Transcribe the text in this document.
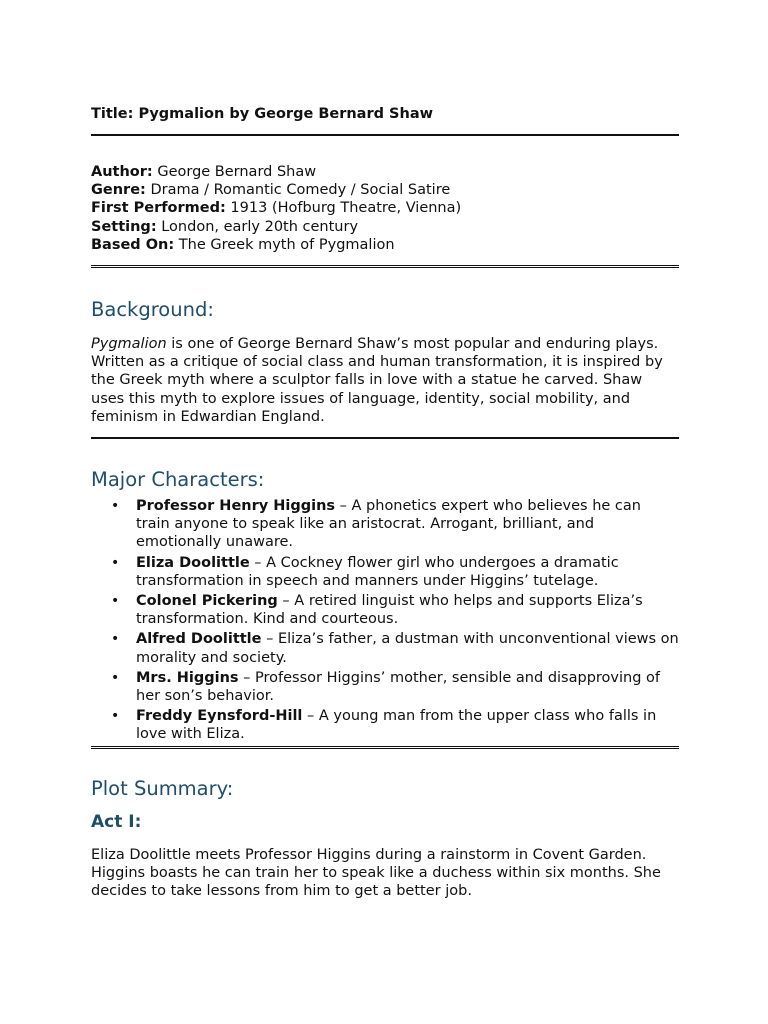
Title: Pygmalion by George Bernard Shaw

Author: George Bernard Shaw
Genre: Drama / Romantic Comedy / Social Satire
First Performed: 1913 (Hofburg Theatre, Vienna)
Setting: London, early 20th century
Based On: The Greek myth of Pygmalion
Background:

Pygmalion is one of George Bernard Shaw’s most popular and enduring plays. Written as a critique of social class and human transformation, it is inspired by the Greek myth where a sculptor falls in love with a statue he carved. Shaw uses this myth to explore issues of language, identity, social mobility, and feminism in Edwardian England.

Major Characters:
• Professor Henry Higgins – A phonetics expert who believes he can train anyone to speak like an aristocrat. Arrogant, brilliant, and emotionally unaware.
• Eliza Doolittle – A Cockney flower girl who undergoes a dramatic transformation in speech and manners under Higgins’ tutelage.
• Colonel Pickering – A retired linguist who helps and supports Eliza’s transformation. Kind and courteous.
• Alfred Doolittle – Eliza’s father, a dustman with unconventional views on morality and society.
• Mrs. Higgins – Professor Higgins’ mother, sensible and disapproving of her son’s behavior.
• Freddy Eynsford-Hill – A young man from the upper class who falls in love with Eliza.
Plot Summary:
Act I:

Eliza Doolittle meets Professor Higgins during a rainstorm in Covent Garden. Higgins boasts he can train her to speak like a duchess within six months. She decides to take lessons from him to get a better job.
